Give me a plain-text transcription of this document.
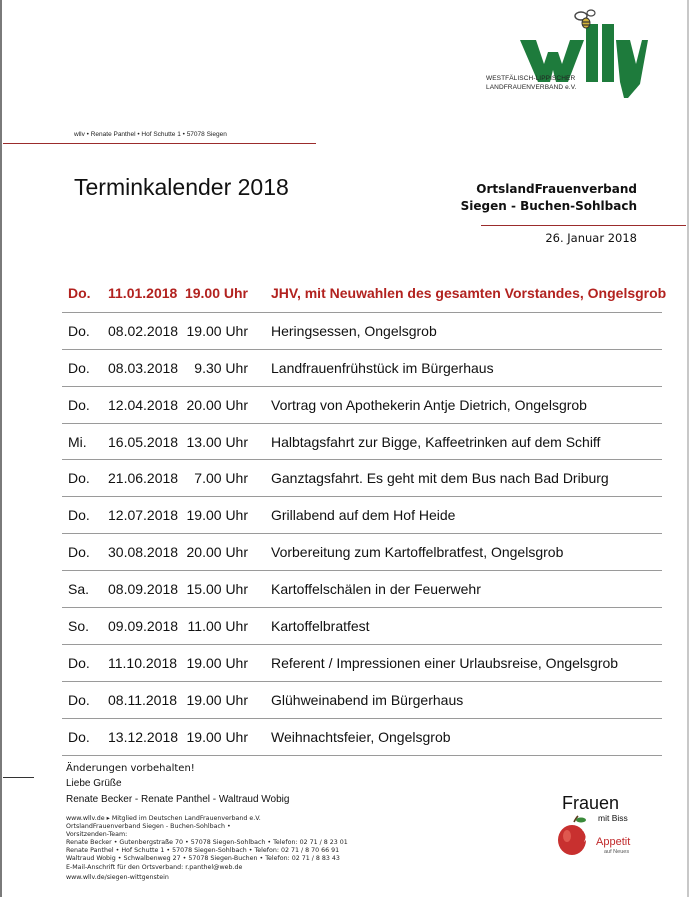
WESTFÄLISCH-LIPPISCHER
LANDFRAUENVERBAND e.V.
wllv • Renate Panthel • Hof Schutte 1 • 57078 Siegen
Terminkalender 2018	OrtslandFrauenverband
Siegen - Buchen-Sohlbach
26. Januar 2018
Do. 11.01.2018 19.00 Uhr JHV, mit Neuwahlen des gesamten Vorstandes, Ongelsgrob
Do. 08.02.2018 19.00 Uhr Heringsessen, Ongelsgrob
Do. 08.03.2018 9.30 Uhr Landfrauenfrühstück im Bürgerhaus
Do. 12.04.2018 20.00 Uhr Vortrag von Apothekerin Antje Dietrich, Ongelsgrob
Mi. 16.05.2018 13.00 Uhr Halbtagsfahrt zur Bigge, Kaffeetrinken auf dem Schiff
Do. 21.06.2018 7.00 Uhr Ganztagsfahrt. Es geht mit dem Bus nach Bad Driburg
Do. 12.07.2018 19.00 Uhr Grillabend auf dem Hof Heide
Do. 30.08.2018 20.00 Uhr Vorbereitung zum Kartoffelbratfest, Ongelsgrob
Sa. 08.09.2018 15.00 Uhr Kartoffelschälen in der Feuerwehr
So. 09.09.2018 11.00 Uhr Kartoffelbratfest
Do. 11.10.2018 19.00 Uhr Referent / Impressionen einer Urlaubsreise, Ongelsgrob
Do. 08.11.2018 19.00 Uhr Glühweinabend im Bürgerhaus
Do. 13.12.2018 19.00 Uhr Weihnachtsfeier, Ongelsgrob
Änderungen vorbehalten!
Liebe Grüße
Renate Becker - Renate Panthel - Waltraud Wobig
www.wllv.de ▸ Mitglied im Deutschen LandFrauenverband e.V.
OrtslandFrauenverband Siegen - Buchen-Sohlbach •
Vorsitzenden-Team:
Renate Becker • Gutenbergstraße 70 • 57078 Siegen-Sohlbach • Telefon: 02 71 / 8 23 01
Renate Panthel • Hof Schutte 1 • 57078 Siegen-Sohlbach • Telefon: 02 71 / 8 70 66 91
Waltraud Wobig • Schwalbenweg 27 • 57078 Siegen-Buchen • Telefon: 02 71 / 8 83 43
E-Mail-Anschrift für den Ortsverband: r.panthel@web.de
www.wllv.de/siegen-wittgenstein
Frauen
mit Biss
Appetit
auf Neues
